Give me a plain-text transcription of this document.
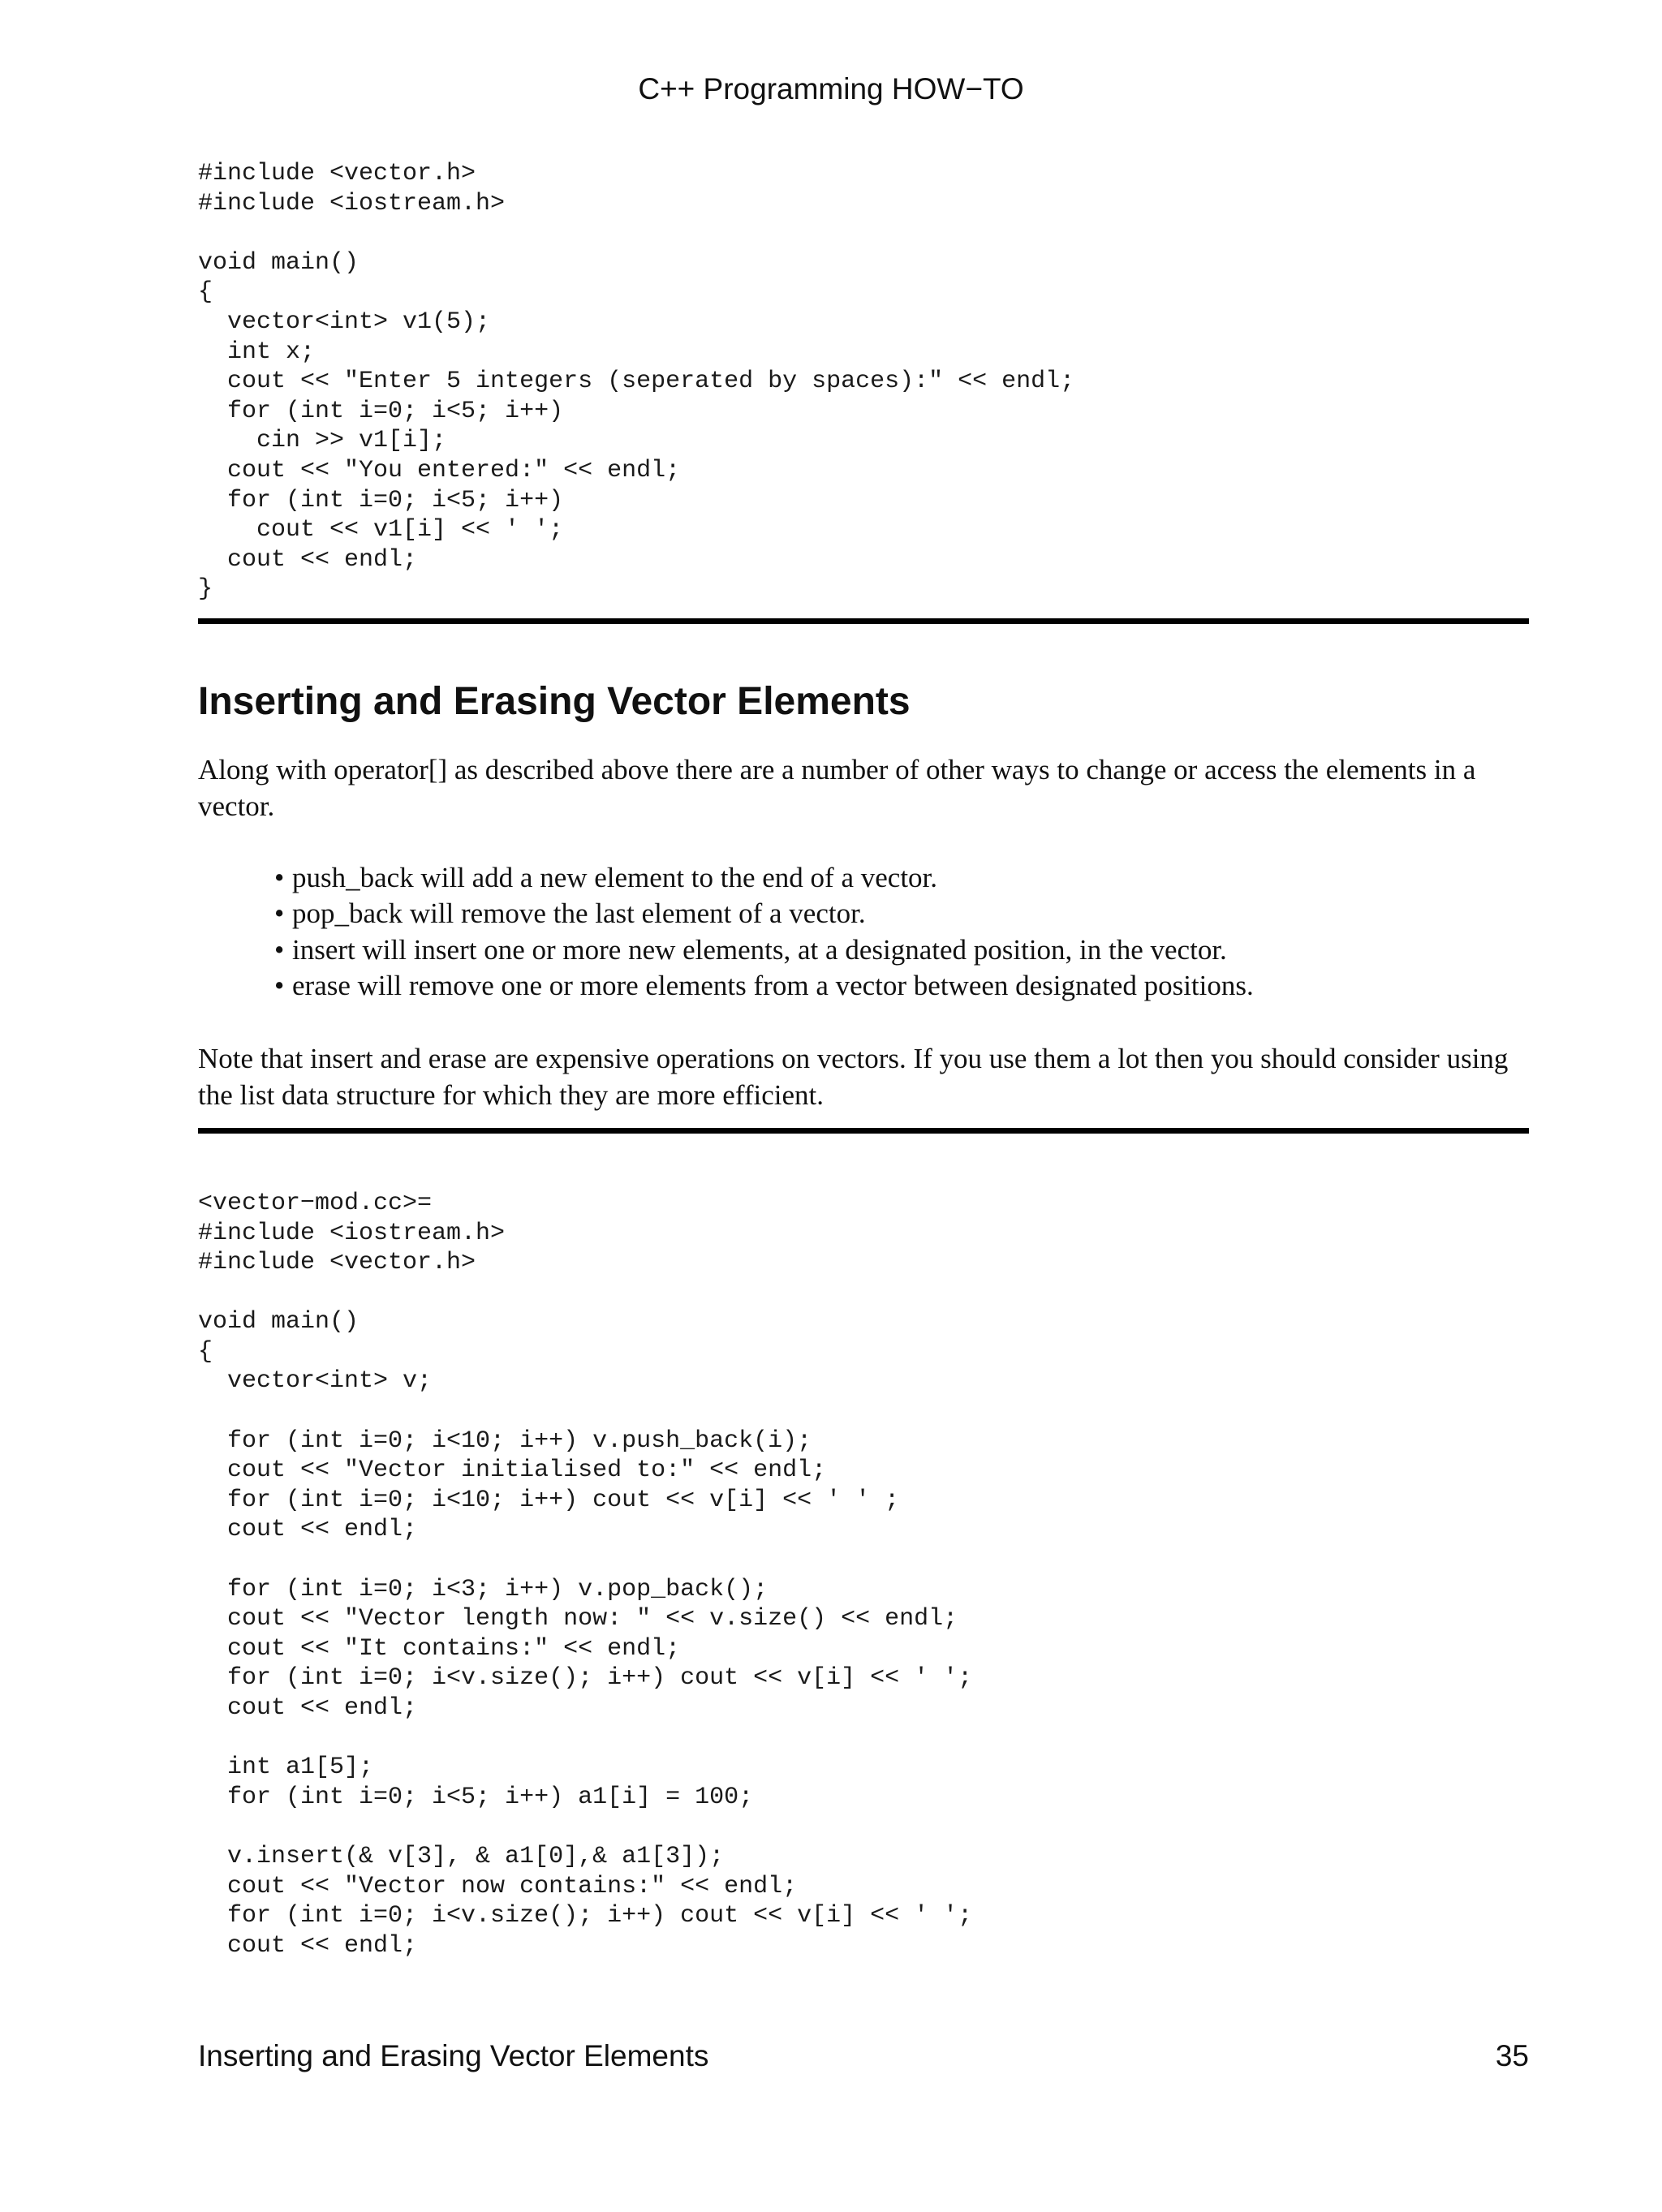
C++ Programming HOW−TO
#include <vector.h>
#include <iostream.h>

void main()
{
vector<int> v1(5);
int x;
cout << "Enter 5 integers (seperated by spaces):" << endl;
for (int i=0; i<5; i++)
cin >> v1[i];
cout << "You entered:" << endl;
for (int i=0; i<5; i++)
cout << v1[i] << ' ';
cout << endl;
}
Inserting and Erasing Vector Elements

Along with operator[] as described above there are a number of other ways to change or access the elements in a vector.

• push_back will add a new element to the end of a vector.
• pop_back will remove the last element of a vector.
• insert will insert one or more new elements, at a designated position, in the vector.
• erase will remove one or more elements from a vector between designated positions.

Note that insert and erase are expensive operations on vectors. If you use them a lot then you should consider using the list data structure for which they are more efficient.

<vector−mod.cc>=
#include <iostream.h>
#include <vector.h>

void main()
{
vector<int> v;

for (int i=0; i<10; i++) v.push_back(i);
cout << "Vector initialised to:" << endl;
for (int i=0; i<10; i++) cout << v[i] << ' ' ;
cout << endl;

for (int i=0; i<3; i++) v.pop_back();
cout << "Vector length now: " << v.size() << endl;
cout << "It contains:" << endl;
for (int i=0; i<v.size(); i++) cout << v[i] << ' ';
cout << endl;

int a1[5];
for (int i=0; i<5; i++) a1[i] = 100;

v.insert(& v[3], & a1[0],& a1[3]);
cout << "Vector now contains:" << endl;
for (int i=0; i<v.size(); i++) cout << v[i] << ' ';
cout << endl;
Inserting and Erasing Vector Elements	35
